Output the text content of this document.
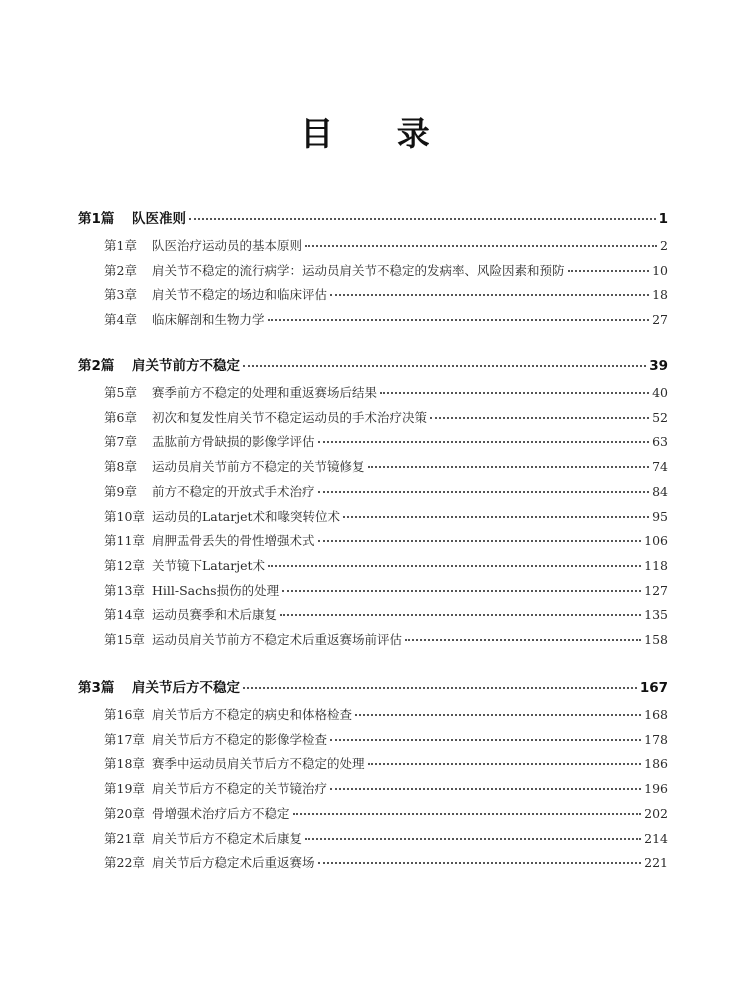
目 录
第1篇	队医准则	1
第1章	队医治疗运动员的基本原则	2
第2章	肩关节不稳定的流行病学：运动员肩关节不稳定的发病率、风险因素和预防	10
第3章	肩关节不稳定的场边和临床评估	18
第4章	临床解剖和生物力学	27
第2篇	肩关节前方不稳定	39
第5章	赛季前方不稳定的处理和重返赛场后结果	40
第6章	初次和复发性肩关节不稳定运动员的手术治疗决策	52
第7章	盂肱前方骨缺损的影像学评估	63
第8章	运动员肩关节前方不稳定的关节镜修复	74
第9章	前方不稳定的开放式手术治疗	84
第10章 运动员的Latarjet术和喙突转位术	95
第11章 肩胛盂骨丢失的骨性增强术式	106
第12章 关节镜下Latarjet术	118
第13章 Hill-Sachs损伤的处理	127
第14章 运动员赛季和术后康复	135
第15章 运动员肩关节前方不稳定术后重返赛场前评估	158
第3篇	肩关节后方不稳定	167
第16章 肩关节后方不稳定的病史和体格检查	168
第17章 肩关节后方不稳定的影像学检查	178
第18章 赛季中运动员肩关节后方不稳定的处理	186
第19章 肩关节后方不稳定的关节镜治疗	196
第20章 骨增强术治疗后方不稳定	202
第21章 肩关节后方不稳定术后康复	214
第22章 肩关节后方稳定术后重返赛场	221
